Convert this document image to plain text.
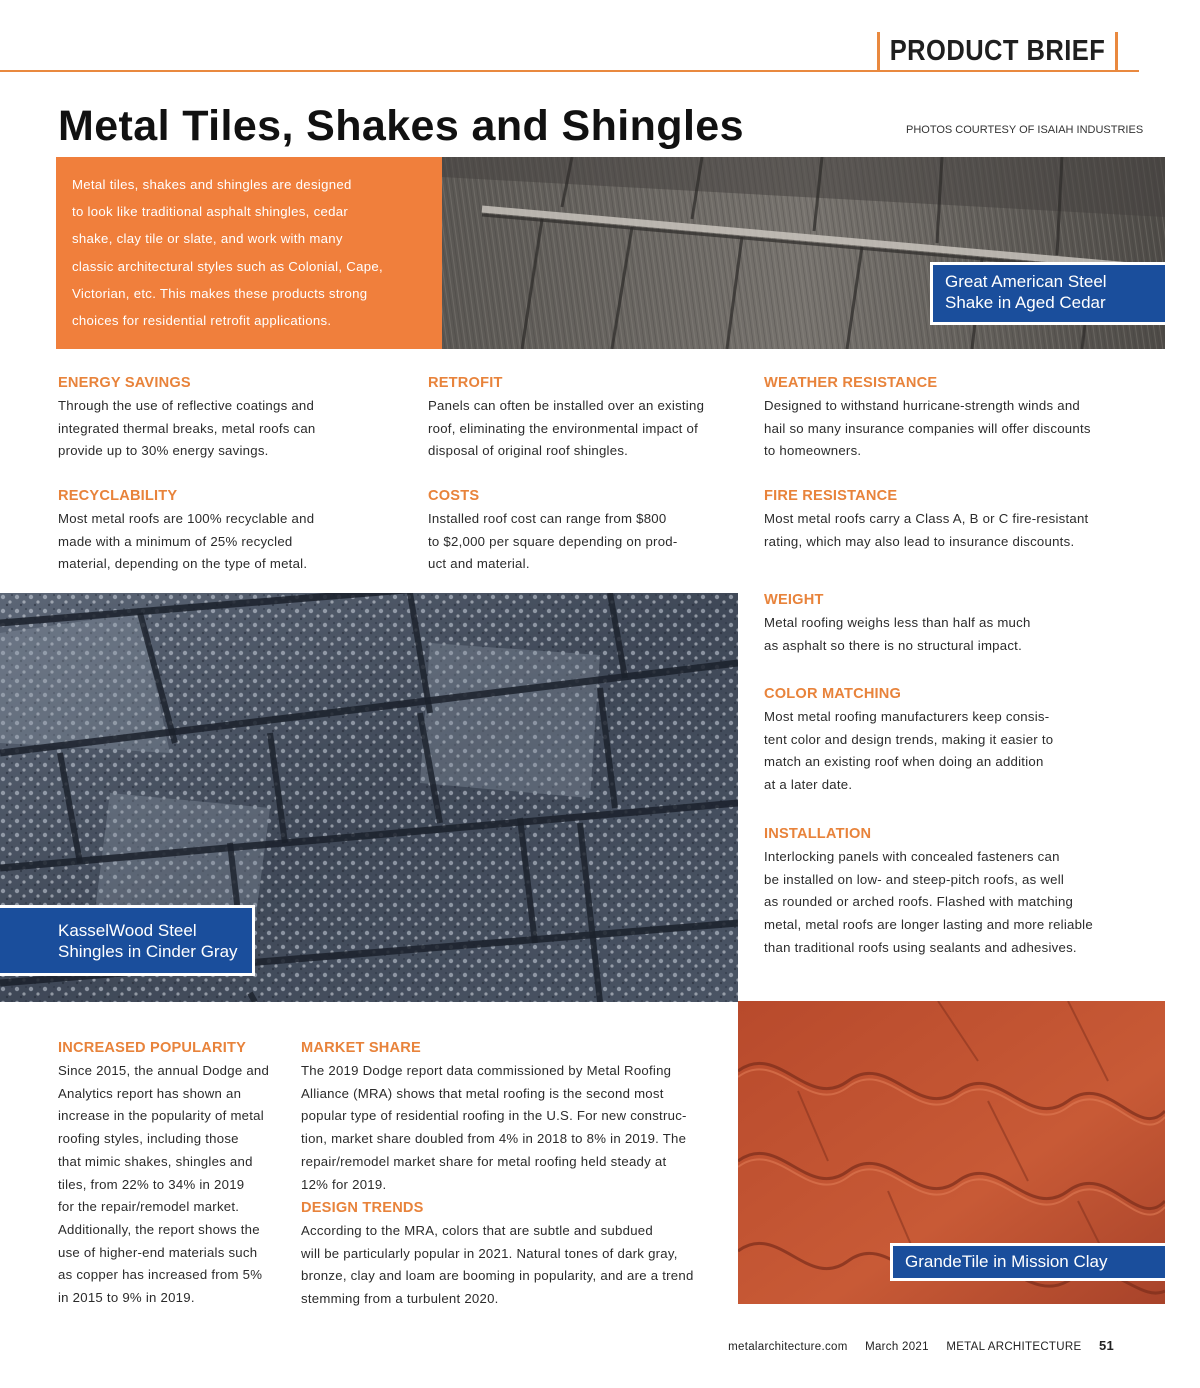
PRODUCT BRIEF
Metal Tiles, Shakes and Shingles	PHOTOS COURTESY OF ISAIAH INDUSTRIES
Metal tiles, shakes and shingles are designed
to look like traditional asphalt shingles, cedar
shake, clay tile or slate, and work with many
classic architectural styles such as Colonial, Cape,
Victorian, etc. This makes these products strong
choices for residential retrofit applications.
Great American Steel
Shake in Aged Cedar
ENERGY SAVINGS
Through the use of reflective coatings and
integrated thermal breaks, metal roofs can
provide up to 30% energy savings.
RETROFIT
Panels can often be installed over an existing
roof, eliminating the environmental impact of
disposal of original roof shingles.
WEATHER RESISTANCE
Designed to withstand hurricane-strength winds and
hail so many insurance companies will offer discounts
to homeowners.
RECYCLABILITY
Most metal roofs are 100% recyclable and
made with a minimum of 25% recycled
material, depending on the type of metal.
COSTS
Installed roof cost can range from $800
to $2,000 per square depending on prod-
uct and material.
FIRE RESISTANCE
Most metal roofs carry a Class A, B or C fire-resistant
rating, which may also lead to insurance discounts.
KasselWood Steel
Shingles in Cinder Gray
WEIGHT
Metal roofing weighs less than half as much
as asphalt so there is no structural impact.
COLOR MATCHING
Most metal roofing manufacturers keep consis-
tent color and design trends, making it easier to
match an existing roof when doing an addition
at a later date.
INSTALLATION
Interlocking panels with concealed fasteners can
be installed on low- and steep-pitch roofs, as well
as rounded or arched roofs. Flashed with matching
metal, metal roofs are longer lasting and more reliable
than traditional roofs using sealants and adhesives.
INCREASED POPULARITY
Since 2015, the annual Dodge and
Analytics report has shown an
increase in the popularity of metal
roofing styles, including those
that mimic shakes, shingles and
tiles, from 22% to 34% in 2019
for the repair/remodel market.
Additionally, the report shows the
use of higher-end materials such
as copper has increased from 5%
in 2015 to 9% in 2019.
MARKET SHARE
The 2019 Dodge report data commissioned by Metal Roofing
Alliance (MRA) shows that metal roofing is the second most
popular type of residential roofing in the U.S. For new construc-
tion, market share doubled from 4% in 2018 to 8% in 2019. The
repair/remodel market share for metal roofing held steady at
12% for 2019.
DESIGN TRENDS
According to the MRA, colors that are subtle and subdued
will be particularly popular in 2021. Natural tones of dark gray,
bronze, clay and loam are booming in popularity, and are a trend
stemming from a turbulent 2020.
GrandeTile in Mission Clay
metalarchitecture.com March 2021 METAL ARCHITECTURE 51
